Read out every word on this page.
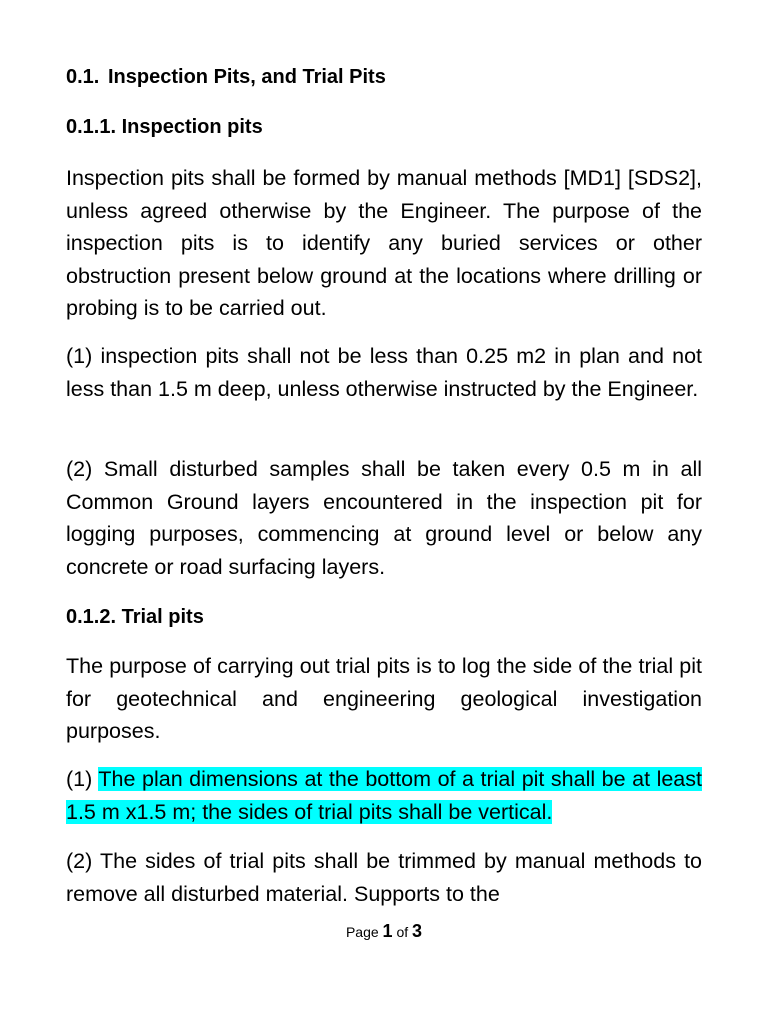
0.1. Inspection Pits, and Trial Pits
0.1.1. Inspection pits

Inspection pits shall be formed by manual methods [MD1] [SDS2], unless agreed otherwise by the Engineer. The purpose of the inspection pits is to identify any buried services or other obstruction present below ground at the locations where drilling or probing is to be carried out.

(1) inspection pits shall not be less than 0.25 m2 in plan and not less than 1.5 m deep, unless otherwise instructed by the Engineer.

(2) Small disturbed samples shall be taken every 0.5 m in all Common Ground layers encountered in the inspection pit for logging purposes, commencing at ground level or below any concrete or road surfacing layers.

0.1.2. Trial pits

The purpose of carrying out trial pits is to log the side of the trial pit for geotechnical and engineering geological investigation purposes.

(1) The plan dimensions at the bottom of a trial pit shall be at least 1.5 m x1.5 m; the sides of trial pits shall be vertical.

(2) The sides of trial pits shall be trimmed by manual methods to remove all disturbed material. Supports to the

Page 1 of 3
